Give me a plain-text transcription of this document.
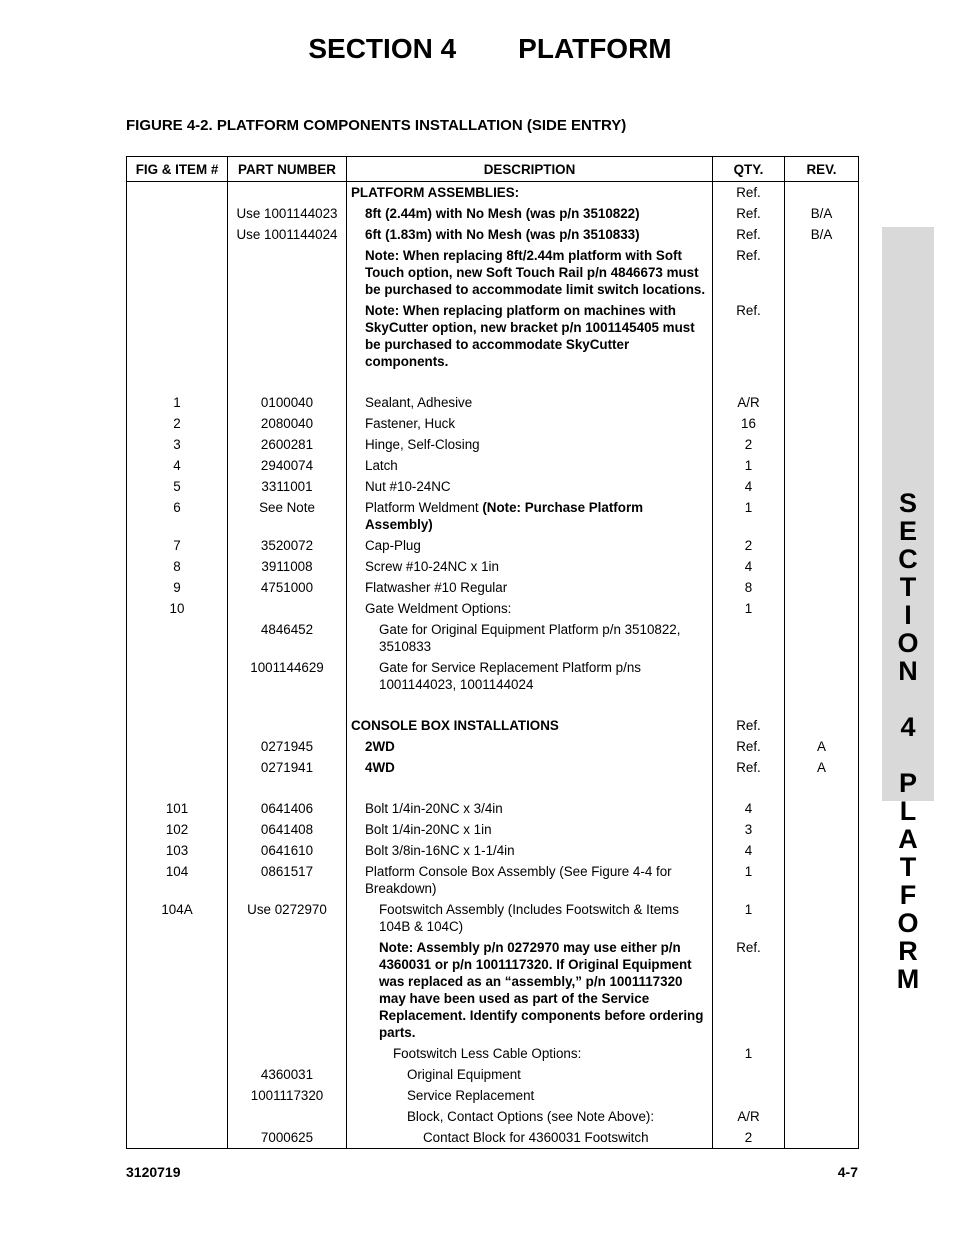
SECTION 4 PLATFORM
FIGURE 4-2. PLATFORM COMPONENTS INSTALLATION (SIDE ENTRY)
FIG & ITEM #	PART NUMBER	DESCRIPTION	QTY.	REV.
		PLATFORM ASSEMBLIES:	Ref.	
	Use 1001144023	8ft (2.44m) with No Mesh (was p/n 3510822)	Ref.	B/A
	Use 1001144024	6ft (1.83m) with No Mesh (was p/n 3510833)	Ref.	B/A
		Note: When replacing 8ft/2.44m platform with Soft Touch option, new Soft Touch Rail p/n 4846673 must be purchased to accommodate limit switch locations.	Ref.	
		Note: When replacing platform on machines with SkyCutter option, new bracket p/n 1001145405 must be purchased to accommodate SkyCutter components.	Ref.	

1	0100040	Sealant, Adhesive	A/R	
2	2080040	Fastener, Huck	16	
3	2600281	Hinge, Self-Closing	2	
4	2940074	Latch	1	
5	3311001	Nut #10-24NC	4	
6	See Note	Platform Weldment (Note: Purchase Platform Assembly)	1	
7	3520072	Cap-Plug	2	
8	3911008	Screw #10-24NC x 1in	4	
9	4751000	Flatwasher #10 Regular	8	
10		Gate Weldment Options:	1	
	4846452	Gate for Original Equipment Platform p/n 3510822, 3510833		
	1001144629	Gate for Service Replacement Platform p/ns 1001144023, 1001144024		

		CONSOLE BOX INSTALLATIONS	Ref.	
	0271945	2WD	Ref.	A
	0271941	4WD	Ref.	A

101	0641406	Bolt 1/4in-20NC x 3/4in	4	
102	0641408	Bolt 1/4in-20NC x 1in	3	
103	0641610	Bolt 3/8in-16NC x 1-1/4in	4	
104	0861517	Platform Console Box Assembly (See Figure 4-4 for Breakdown)	1	
104A	Use 0272970	Footswitch Assembly (Includes Footswitch & Items 104B & 104C)	1	
		Note: Assembly p/n 0272970 may use either p/n 4360031 or p/n 1001117320. If Original Equipment was replaced as an “assembly,” p/n 1001117320 may have been used as part of the Service Replacement. Identify components before ordering parts.	Ref.	
		Footswitch Less Cable Options:	1	
	4360031	Original Equipment		
	1001117320	Service Replacement		
		Block, Contact Options (see Note Above):	A/R	
	7000625	Contact Block for 4360031 Footswitch	2	
S
E
C
T
I
O
N
4
P
L
A
T
F
O
R
M
3120719	4-7
